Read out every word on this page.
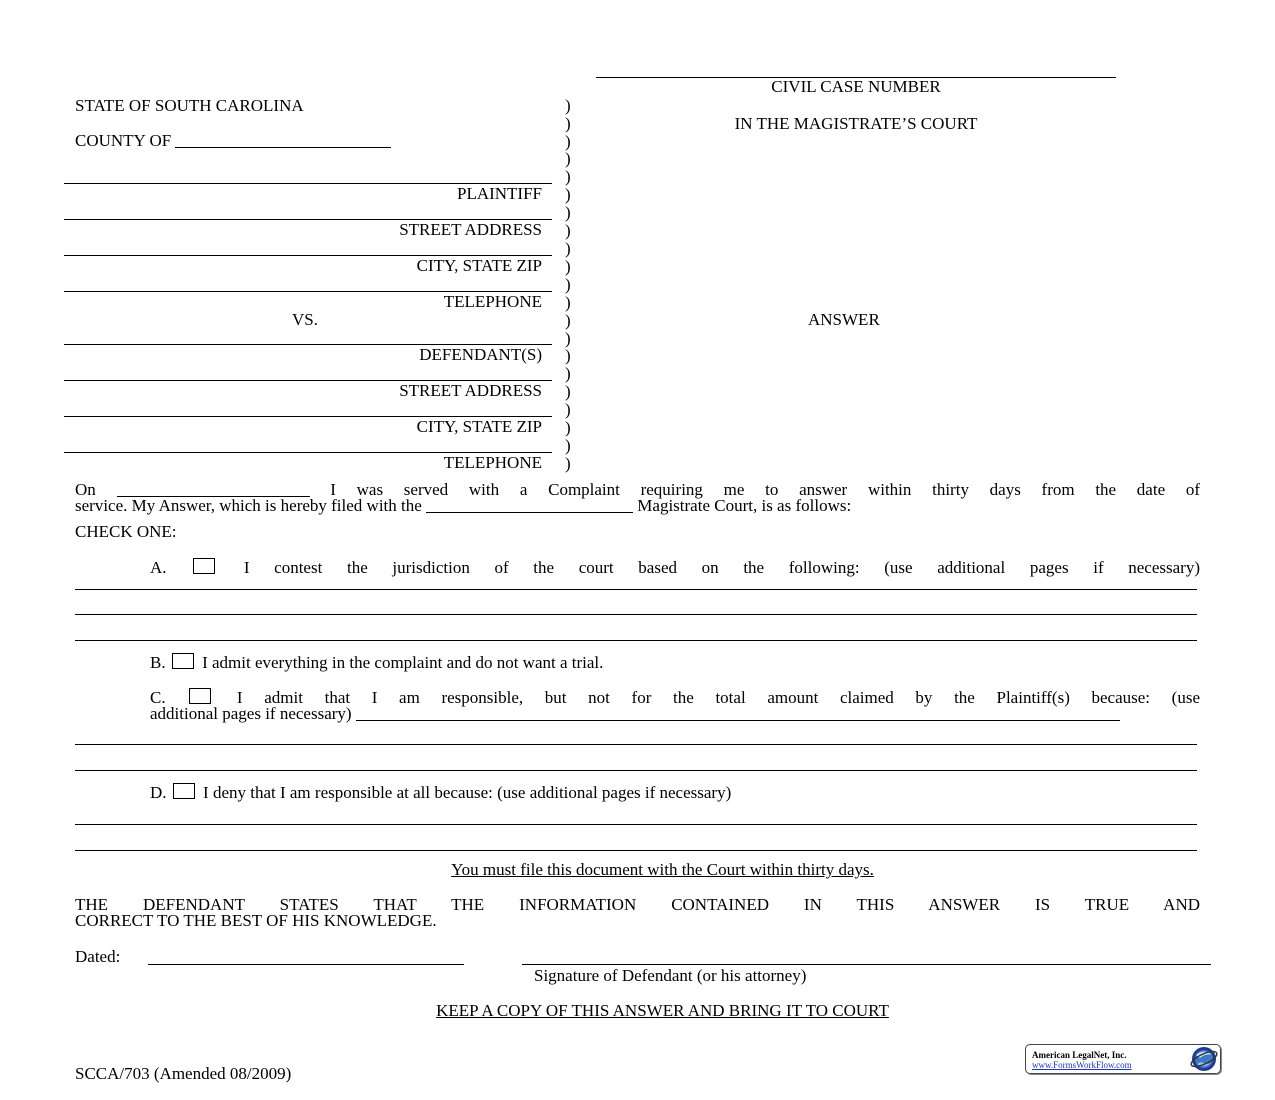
CIVIL CASE NUMBER
STATE OF SOUTH CAROLINA
IN THE MAGISTRATE’S COURT
COUNTY OF
)
)
)
)
)
)
)
)
)
)
)
)
)
)
)
)
)
)
)
)
)
PLAINTIFF
STREET ADDRESS
CITY, STATE ZIP
TELEPHONE
VS.	ANSWER
DEFENDANT(S)
STREET ADDRESS
CITY, STATE ZIP
TELEPHONE
On	I was served with a Complaint requiring me to answer within thirty days from the date of
service. My Answer, which is hereby filed with the	Magistrate Court, is as follows:
CHECK ONE:
A.	I contest the jurisdiction of the court based on the following: (use additional pages if necessary)
B. I admit everything in the complaint and do not want a trial.
C.	I admit that I am responsible, but not for the total amount claimed by the Plaintiff(s) because: (use
additional pages if necessary)
D. I deny that I am responsible at all because: (use additional pages if necessary)
You must file this document with the Court within thirty days.
THE DEFENDANT STATES THAT THE INFORMATION CONTAINED IN THIS ANSWER IS TRUE AND
CORRECT TO THE BEST OF HIS KNOWLEDGE.
Dated:
Signature of Defendant (or his attorney)
KEEP A COPY OF THIS ANSWER AND BRING IT TO COURT
SCCA/703 (Amended 08/2009)
American LegalNet, Inc.
www.FormsWorkFlow.com
